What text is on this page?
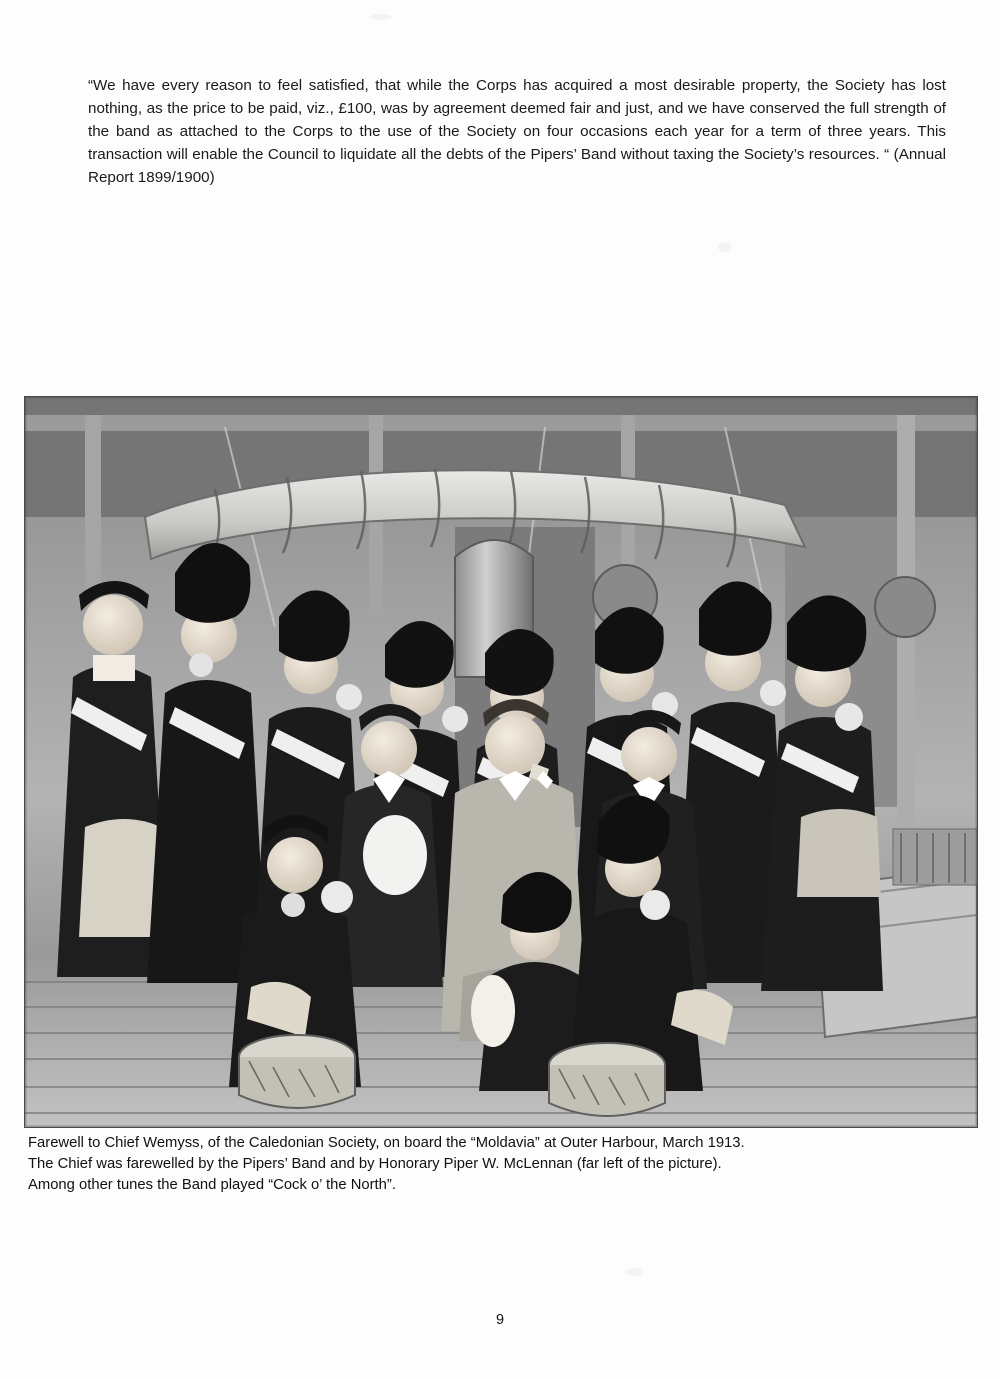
“We have every reason to feel satisfied, that while the Corps has acquired a most desirable property, the Society has lost nothing, as the price to be paid, viz., £100, was by agreement deemed fair and just, and we have conserved the full strength of the band as attached to the Corps to the use of the Society on four occasions each year for a term of three years. This transaction will enable the Council to liquidate all the debts of the Pipers’ Band without taxing the Society’s resources. “ (Annual Report 1899/1900)

Farewell to Chief Wemyss, of the Caledonian Society, on board the “Moldavia” at Outer Harbour, March 1913.
The Chief was farewelled by the Pipers’ Band and by Honorary Piper W. McLennan (far left of the picture).
Among other tunes the Band played “Cock o’ the North”.
9
